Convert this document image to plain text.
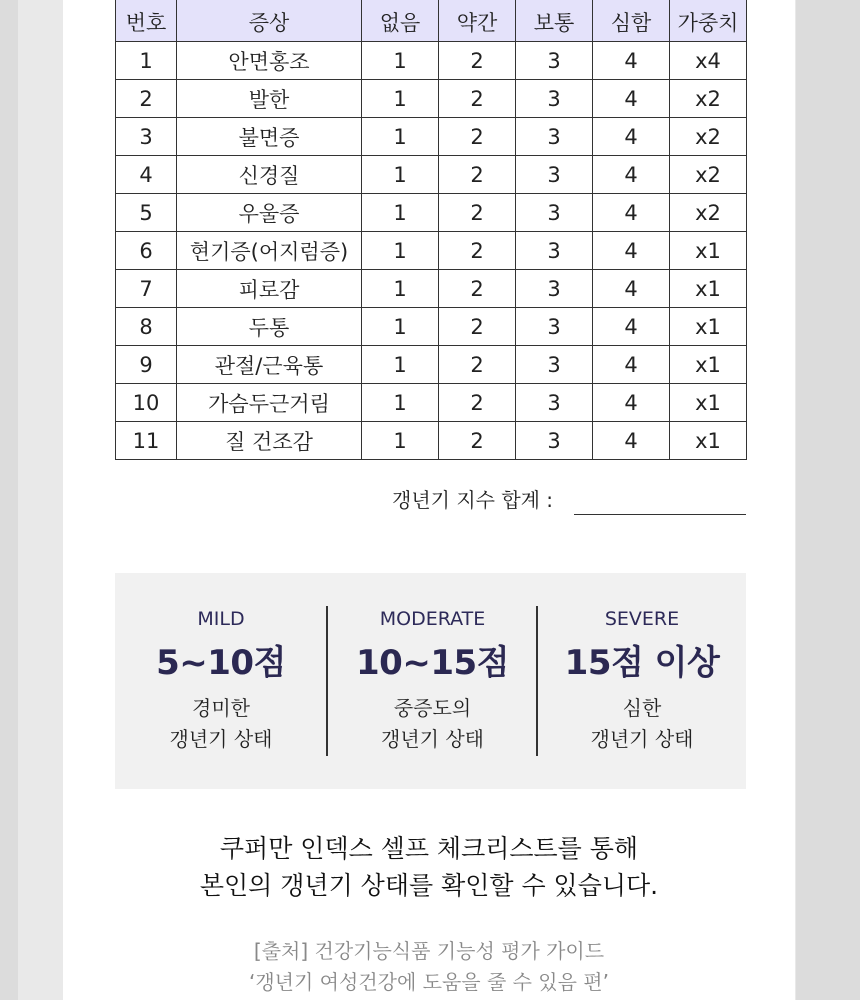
번호	증상	없음	약간	보통	심함	가중치
1	안면홍조	1	2	3	4	x4
2	발한	1	2	3	4	x2
3	불면증	1	2	3	4	x2
4	신경질	1	2	3	4	x2
5	우울증	1	2	3	4	x2
6	현기증(어지럼증)	1	2	3	4	x1
7	피로감	1	2	3	4	x1
8	두통	1	2	3	4	x1
9	관절/근육통	1	2	3	4	x1
10	가슴두근거림	1	2	3	4	x1
11	질 건조감	1	2	3	4	x1
갱년기 지수 합계 :
MILD
5~10점
경미한
갱년기 상태
MODERATE
10~15점
중증도의
갱년기 상태
SEVERE
15점 이상
심한
갱년기 상태
쿠퍼만 인덱스 셀프 체크리스트를 통해
본인의 갱년기 상태를 확인할 수 있습니다.
[출처] 건강기능식품 기능성 평가 가이드
‘갱년기 여성건강에 도움을 줄 수 있음 편’
